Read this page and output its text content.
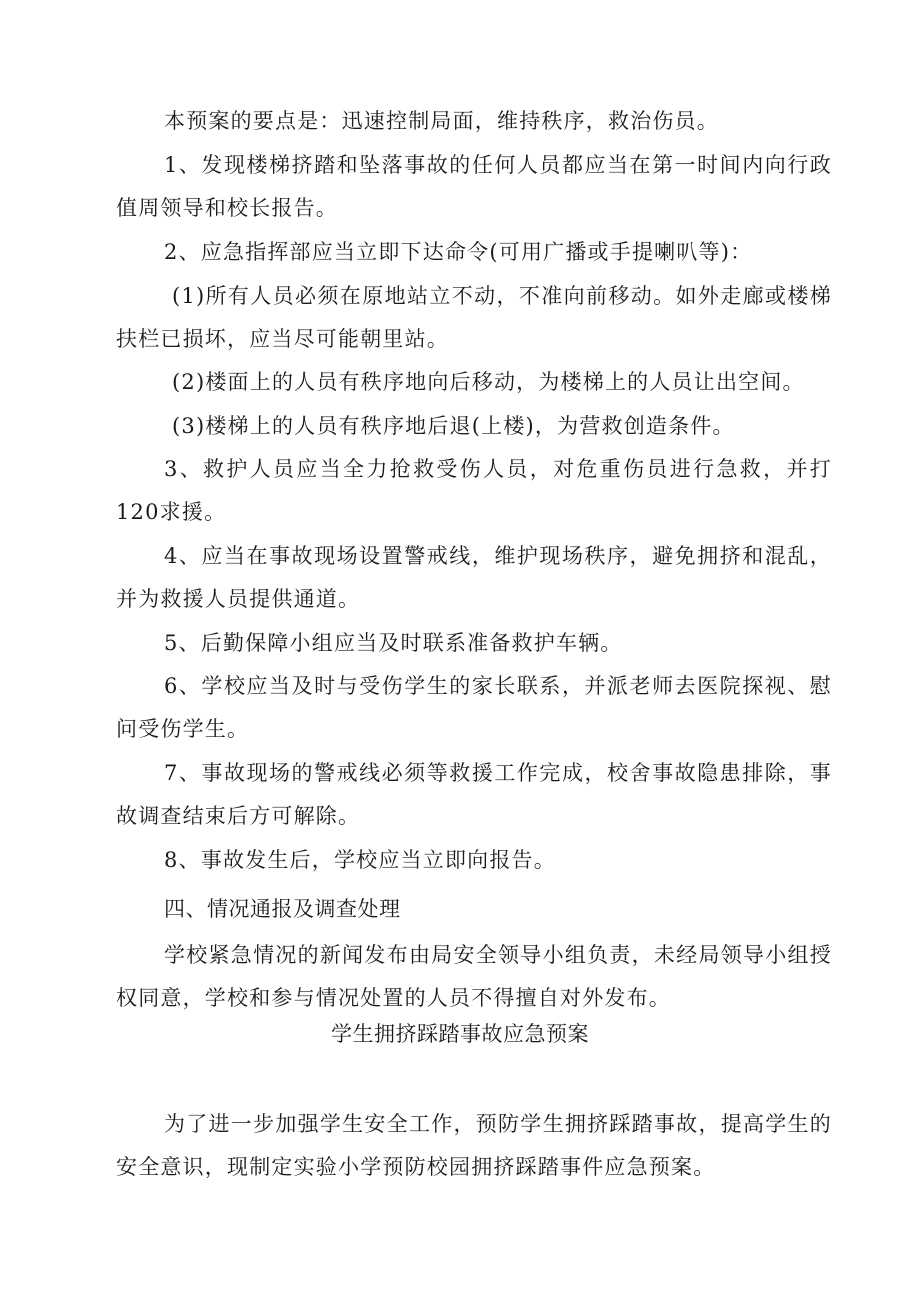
本预案的要点是：迅速控制局面，维持秩序，救治伤员。

1、发现楼梯挤踏和坠落事故的任何人员都应当在第一时间内向行政值周领导和校长报告。

2、应急指挥部应当立即下达命令(可用广播或手提喇叭等)：

(1)所有人员必须在原地站立不动，不准向前移动。如外走廊或楼梯扶栏已损坏，应当尽可能朝里站。

(2)楼面上的人员有秩序地向后移动，为楼梯上的人员让出空间。

(3)楼梯上的人员有秩序地后退(上楼)，为营救创造条件。

3、救护人员应当全力抢救受伤人员，对危重伤员进行急救，并打120求援。

4、应当在事故现场设置警戒线，维护现场秩序，避免拥挤和混乱，并为救援人员提供通道。

5、后勤保障小组应当及时联系准备救护车辆。

6、学校应当及时与受伤学生的家长联系，并派老师去医院探视、慰问受伤学生。

7、事故现场的警戒线必须等救援工作完成，校舍事故隐患排除，事故调查结束后方可解除。

8、事故发生后，学校应当立即向报告。

四、情况通报及调查处理

学校紧急情况的新闻发布由局安全领导小组负责，未经局领导小组授权同意，学校和参与情况处置的人员不得擅自对外发布。

学生拥挤踩踏事故应急预案

为了进一步加强学生安全工作，预防学生拥挤踩踏事故，提高学生的安全意识，现制定实验小学预防校园拥挤踩踏事件应急预案。
